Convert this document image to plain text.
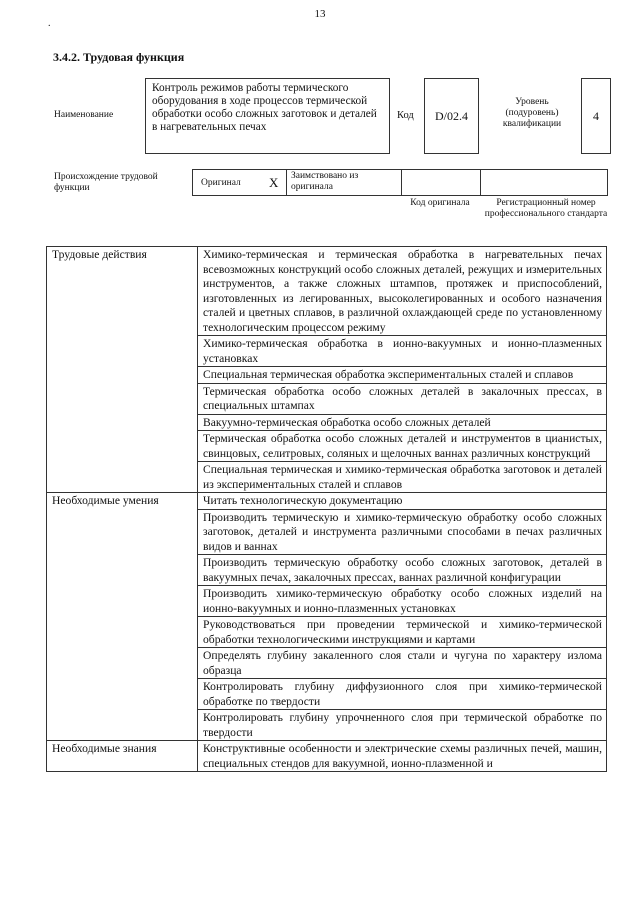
13
.
3.4.2. Трудовая функция
Наименование
Контроль режимов работы термического оборудования в ходе процессов термической обработки особо сложных заготовок и деталей в нагревательных печах
Код	D/02.4
Уровень (подуровень) квалификации
4
Происхождение трудовой функции	Оригинал X	Заимствовано из оригинала
Код оригинала	Регистрационный номер профессионального стандарта
Трудовые действия	Химико-термическая и термическая обработка в нагревательных печах всевозможных конструкций особо сложных деталей, режущих и измерительных инструментов, а также сложных штампов, протяжек и приспособлений, изготовленных из легированных, высоколегированных и особого назначения сталей и цветных сплавов, в различной охлаждающей среде по установленному технологическим процессом режиму
	Химико-термическая обработка в ионно-вакуумных и ионно-плазменных установках
	Специальная термическая обработка экспериментальных сталей и сплавов
	Термическая обработка особо сложных деталей в закалочных прессах, в специальных штампах
	Вакуумно-термическая обработка особо сложных деталей
	Термическая обработка особо сложных деталей и инструментов в цианистых, свинцовых, селитровых, соляных и щелочных ваннах различных конструкций
	Специальная термическая и химико-термическая обработка заготовок и деталей из экспериментальных сталей и сплавов
Необходимые умения	Читать технологическую документацию
	Производить термическую и химико-термическую обработку особо сложных заготовок, деталей и инструмента различными способами в печах различных видов и ваннах
	Производить термическую обработку особо сложных заготовок, деталей в вакуумных печах, закалочных прессах, ваннах различной конфигурации
	Производить химико-термическую обработку особо сложных изделий на ионно-вакуумных и ионно-плазменных установках
	Руководствоваться при проведении термической и химико-термической обработки технологическими инструкциями и картами
	Определять глубину закаленного слоя стали и чугуна по характеру излома образца
	Контролировать глубину диффузионного слоя при химико-термической обработке по твердости
	Контролировать глубину упрочненного слоя при термической обработке по твердости
Необходимые знания	Конструктивные особенности и электрические схемы различных печей, машин, специальных стендов для вакуумной, ионно-плазменной и
